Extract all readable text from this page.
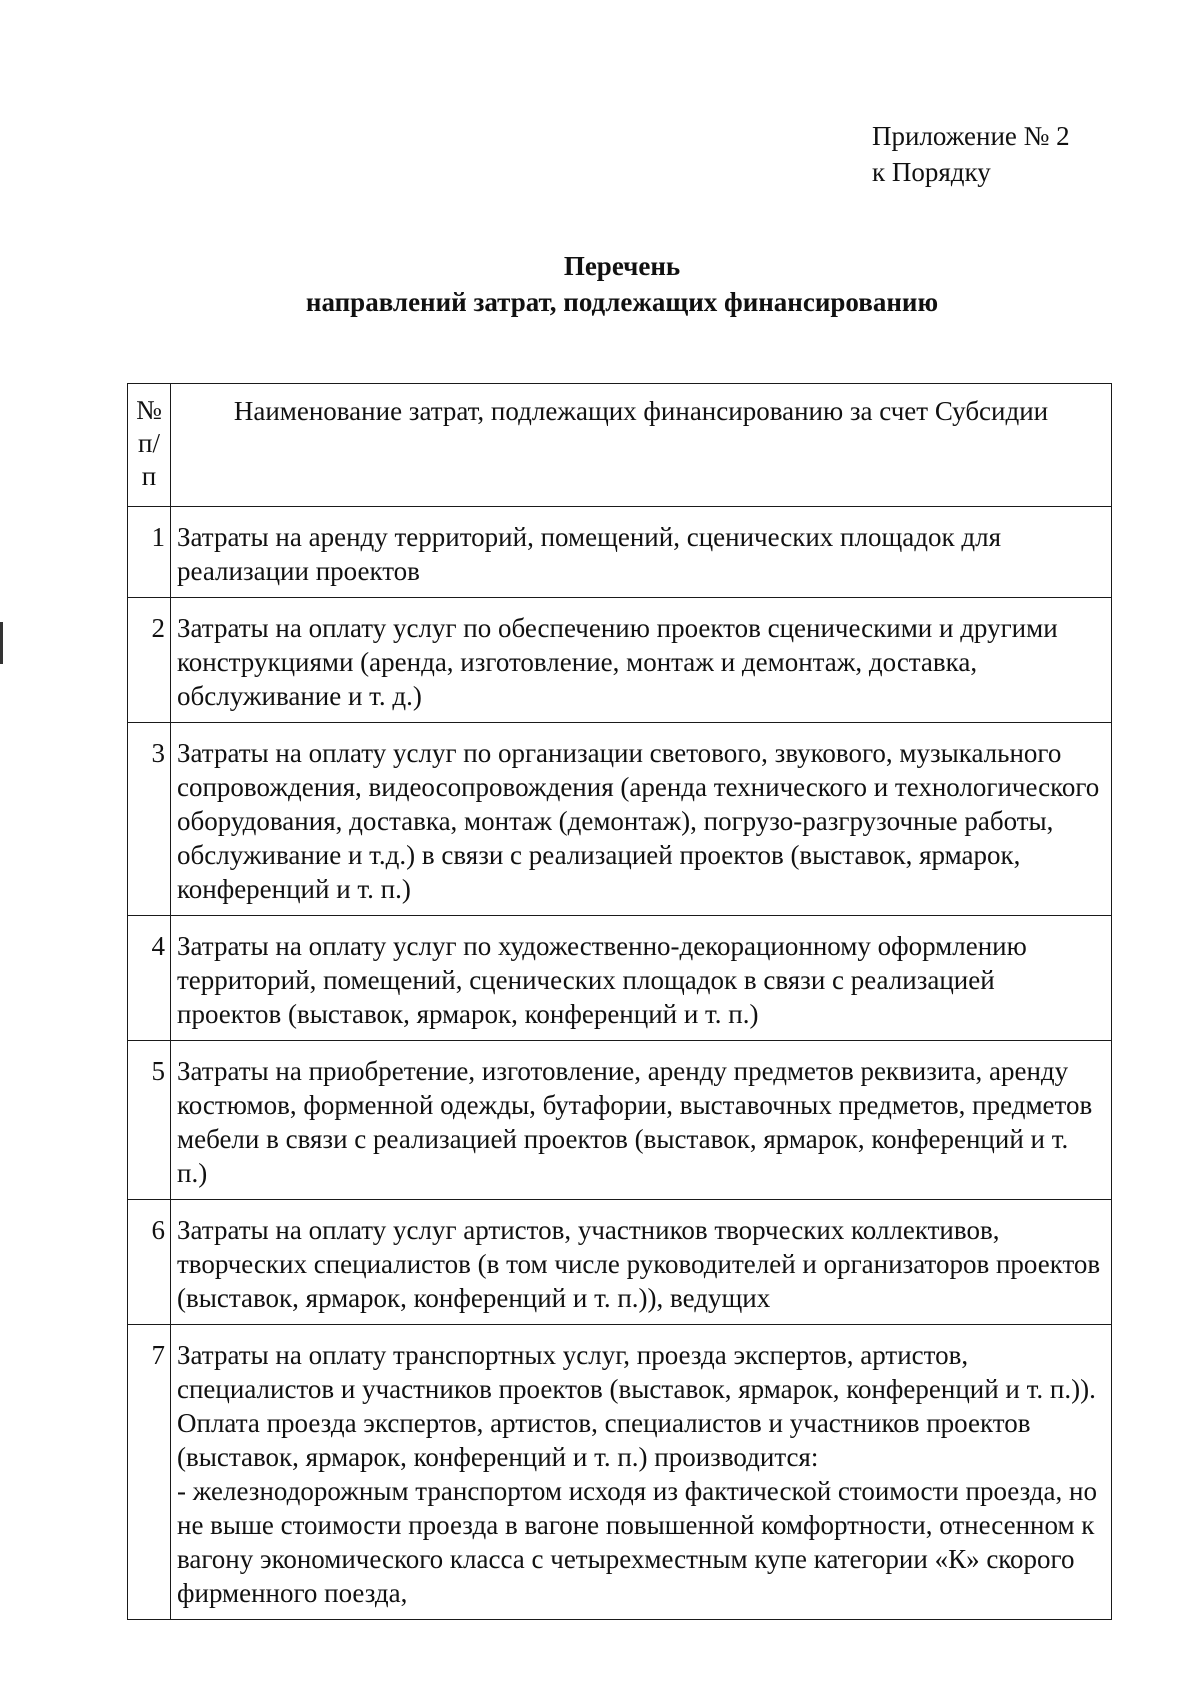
Приложение № 2
к Порядку
Перечень
направлений затрат, подлежащих финансированию
№
п/
п	Наименование затрат, подлежащих финансированию за счет Субсидии
1	Затраты на аренду территорий, помещений, сценических площадок для реализации проектов
2	Затраты на оплату услуг по обеспечению проектов сценическими и другими конструкциями (аренда, изготовление, монтаж и демонтаж, доставка, обслуживание и т. д.)
3	Затраты на оплату услуг по организации светового, звукового, музыкального сопровождения, видеосопровождения (аренда технического и технологического оборудования, доставка, монтаж (демонтаж), погрузо-разгрузочные работы, обслуживание и т.д.) в связи с реализацией проектов (выставок, ярмарок, конференций и т. п.)
4	Затраты на оплату услуг по художественно-декорационному оформлению территорий, помещений, сценических площадок в связи с реализацией проектов (выставок, ярмарок, конференций и т. п.)
5	Затраты на приобретение, изготовление, аренду предметов реквизита, аренду костюмов, форменной одежды, бутафории, выставочных предметов, предметов мебели в связи с реализацией проектов (выставок, ярмарок, конференций и т. п.)
6	Затраты на оплату услуг артистов, участников творческих коллективов, творческих специалистов (в том числе руководителей и организаторов проектов (выставок, ярмарок, конференций и т. п.)), ведущих
7	Затраты на оплату транспортных услуг, проезда экспертов, артистов, специалистов и участников проектов (выставок, ярмарок, конференций и т. п.)). Оплата проезда экспертов, артистов, специалистов и участников проектов (выставок, ярмарок, конференций и т. п.) производится:
- железнодорожным транспортом исходя из фактической стоимости проезда, но не выше стоимости проезда в вагоне повышенной комфортности, отнесенном к вагону экономического класса с четырехместным купе категории «К» скорого фирменного поезда,
